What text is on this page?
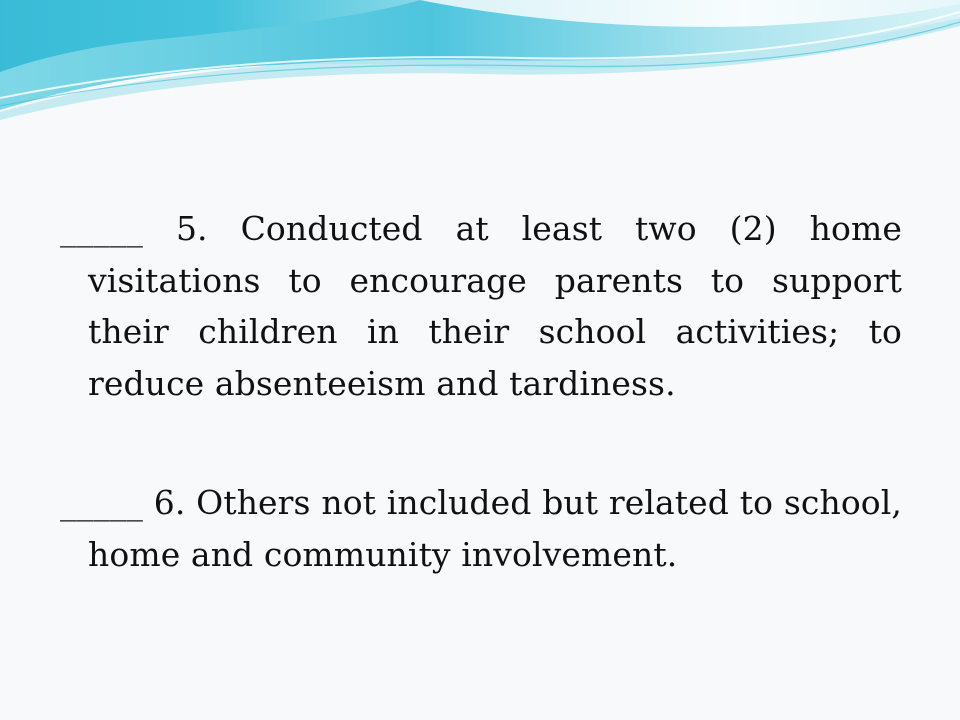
_____ 5. Conducted at least two (2) home visitations to encourage parents to support their children in their school activities; to reduce absenteeism and tardiness.

_____ 6. Others not included but related to school, home and community involvement.
